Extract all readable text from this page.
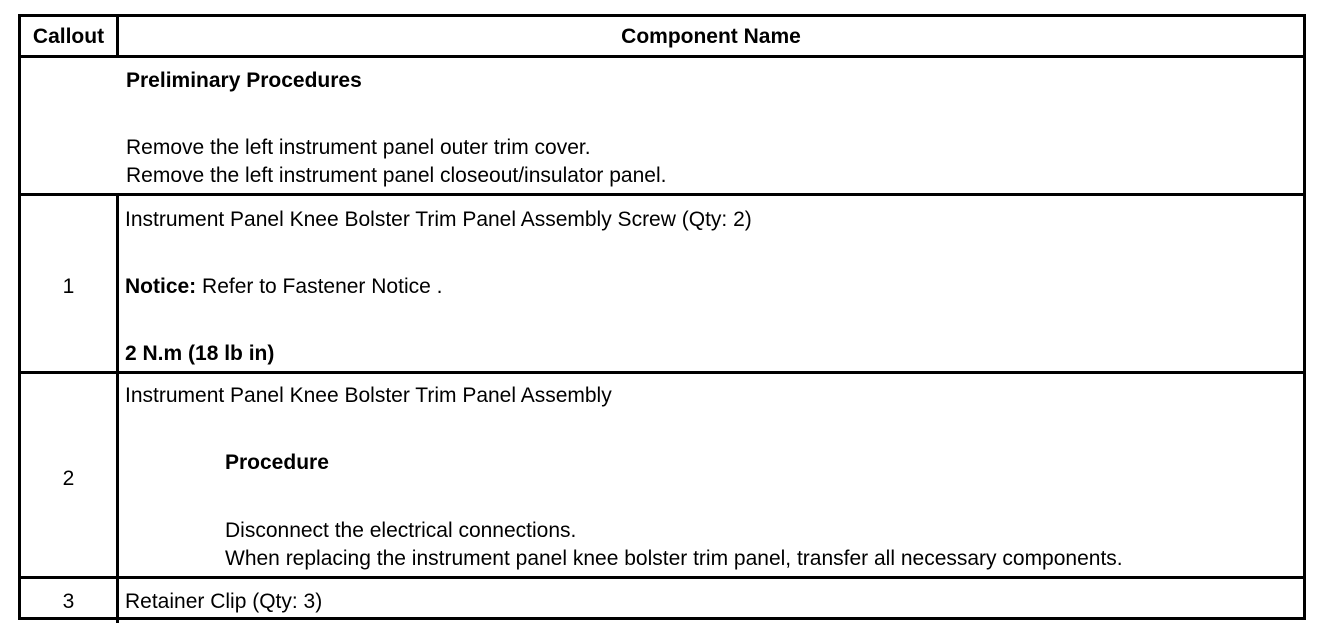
Callout	Component Name
Preliminary Procedures
Remove the left instrument panel outer trim cover.
Remove the left instrument panel closeout/insulator panel.
1
Instrument Panel Knee Bolster Trim Panel Assembly Screw (Qty: 2)
Notice: Refer to Fastener Notice .
2 N.m (18 lb in)
2
Instrument Panel Knee Bolster Trim Panel Assembly
Procedure
Disconnect the electrical connections.
When replacing the instrument panel knee bolster trim panel, transfer all necessary components.
3	Retainer Clip (Qty: 3)
